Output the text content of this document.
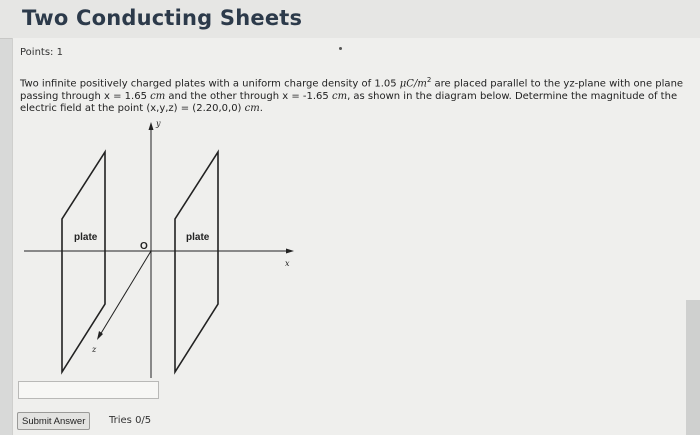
Two Conducting Sheets
Points: 1
Two infinite positively charged plates with a uniform charge density of 1.05 $\mu C/m^2$ are placed parallel to the yz-plane with one plane passing through x = 1.65 cm and the other through x = -1.65 cm, as shown in the diagram below. Determine the magnitude of the electric field at the point (x,y,z) = (2.20,0,0) cm.
plate	plate
O
x
y
z
Submit Answer	Tries 0/5
